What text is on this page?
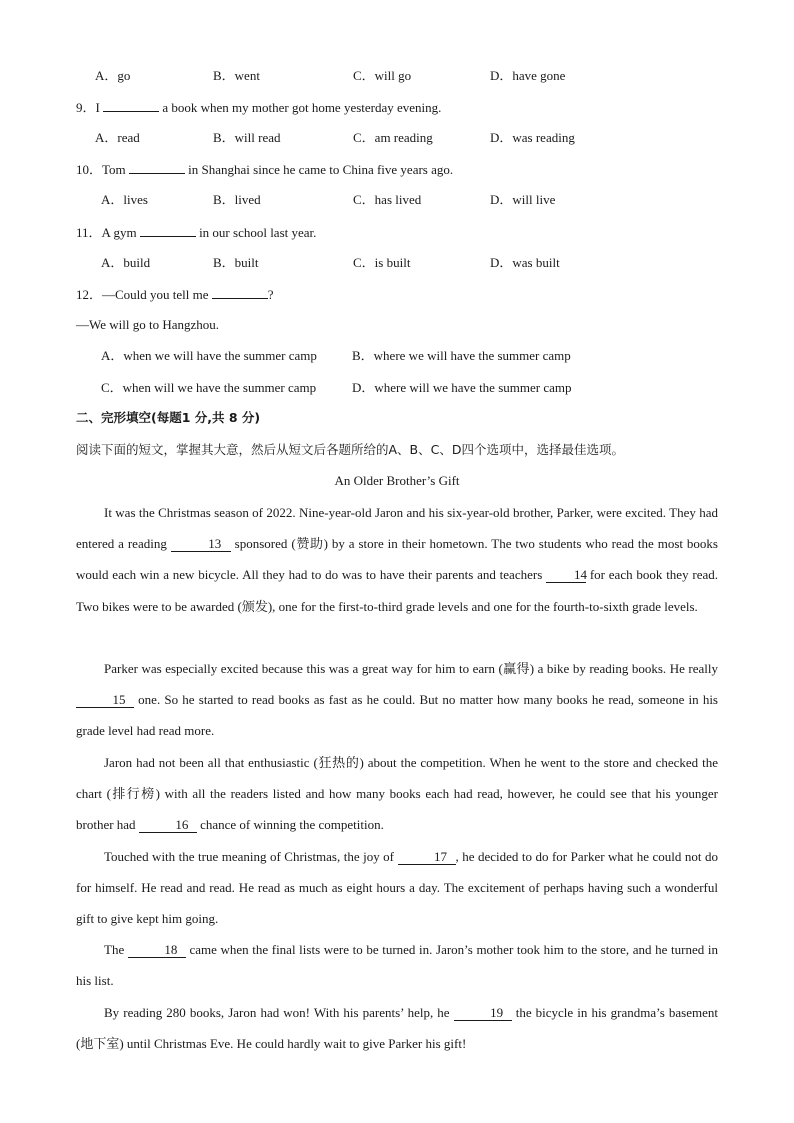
A．go	B．went	C．will go	D．have gone
9．I	a book when my mother got home yesterday evening.
A．read	B．will read	C．am reading	D．was reading
10．Tom	in Shanghai since he came to China five years ago.
A．lives	B．lived	C．has lived	D．will live
11．A gym	in our school last year.
A．build	B．built	C．is built	D．was built
12．—Could you tell me	?
—We will go to Hangzhou.
A．when we will have the summer camp	B．where we will have the summer camp
C．when will we have the summer camp	D．where will we have the summer camp
二、完形填空(每题1 分,共 8 分)
阅读下面的短文，掌握其大意，然后从短文后各题所给的A、B、C、D四个选项中，选择最佳选项。
An Older Brother’s Gift
It was the Christmas season of 2022. Nine-year-old Jaron and his six-year-old brother, Parker, were excited. They had entered a reading	13 sponsored (赞助) by a store in their hometown. The two students who read the most books would each win a new bicycle. All they had to do was to have their parents and teachers 14 for each book they read. Two bikes were to be awarded (颁发), one for the first-to-third grade levels and one for the fourth-to-sixth grade levels.
Parker was especially excited because this was a great way for him to earn (赢得) a bike by reading books. He really 15 one. So he started to read books as fast as he could. But no matter how many books he read, someone in his grade level had read more.
Jaron had not been all that enthusiastic (狂热的) about the competition. When he went to the store and checked the chart (排行榜) with all the readers listed and how many books each had read, however, he could see that his younger brother had	16 chance of winning the competition.
Touched with the true meaning of Christmas, the joy of	17 , he decided to do for Parker what he could not do for himself. He read and read. He read as much as eight hours a day. The excitement of perhaps having such a wonderful gift to give kept him going.
The	18 came when the final lists were to be turned in. Jaron’s mother took him to the store, and he turned in his list.
By reading 280 books, Jaron had won! With his parents’ help, he	19 the bicycle in his grandma’s basement (地下室) until Christmas Eve. He could hardly wait to give Parker his gift!
